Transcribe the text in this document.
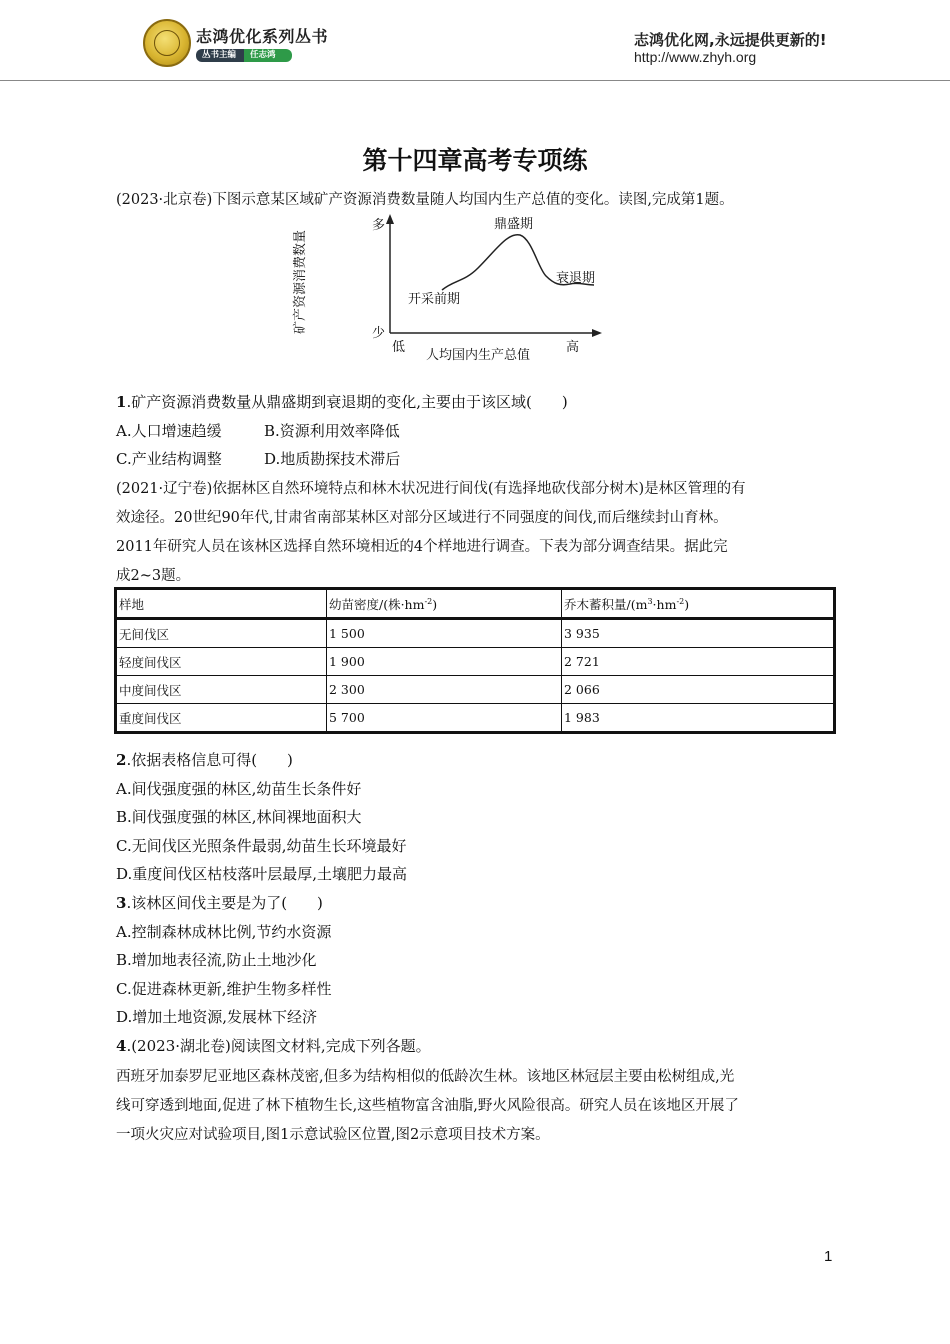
志鸿优化系列丛书
丛书主编	任志鸿
志鸿优化网,永远提供更新的!
http://www.zhyh.org
第十四章高考专项练
(2023·北京卷)下图示意某区域矿产资源消费数量随人均国内生产总值的变化。读图,完成第1题。
矿产资源消费数量
多
少
开采前期
鼎盛期
衰退期
低
人均国内生产总值
高
1.矿产资源消费数量从鼎盛期到衰退期的变化,主要由于该区域(　　)
A.人口增速趋缓	B.资源利用效率降低
C.产业结构调整	D.地质勘探技术滞后
(2021·辽宁卷)依据林区自然环境特点和林木状况进行间伐(有选择地砍伐部分树木)是林区管理的有
效途径。20世纪90年代,甘肃省南部某林区对部分区域进行不同强度的间伐,而后继续封山育林。
2011年研究人员在该林区选择自然环境相近的4个样地进行调查。下表为部分调查结果。据此完
成2~3题。
样地	幼苗密度/(株$\cdot hm^{-2}$)	乔木蓄积量$/(m^3\cdot hm^{-2})$
无间伐区	1 500	3 935
轻度间伐区	1 900	2 721
中度间伐区	2 300	2 066
重度间伐区	5 700	1 983
2.依据表格信息可得(　　)
A.间伐强度强的林区,幼苗生长条件好
B.间伐强度强的林区,林间裸地面积大
C.无间伐区光照条件最弱,幼苗生长环境最好
D.重度间伐区枯枝落叶层最厚,土壤肥力最高
3.该林区间伐主要是为了(　　)
A.控制森林成林比例,节约水资源
B.增加地表径流,防止土地沙化
C.促进森林更新,维护生物多样性
D.增加土地资源,发展林下经济
4.(2023·湖北卷)阅读图文材料,完成下列各题。
西班牙加泰罗尼亚地区森林茂密,但多为结构相似的低龄次生林。该地区林冠层主要由松树组成,光
线可穿透到地面,促进了林下植物生长,这些植物富含油脂,野火风险很高。研究人员在该地区开展了
一项火灾应对试验项目,图1示意试验区位置,图2示意项目技术方案。
1
